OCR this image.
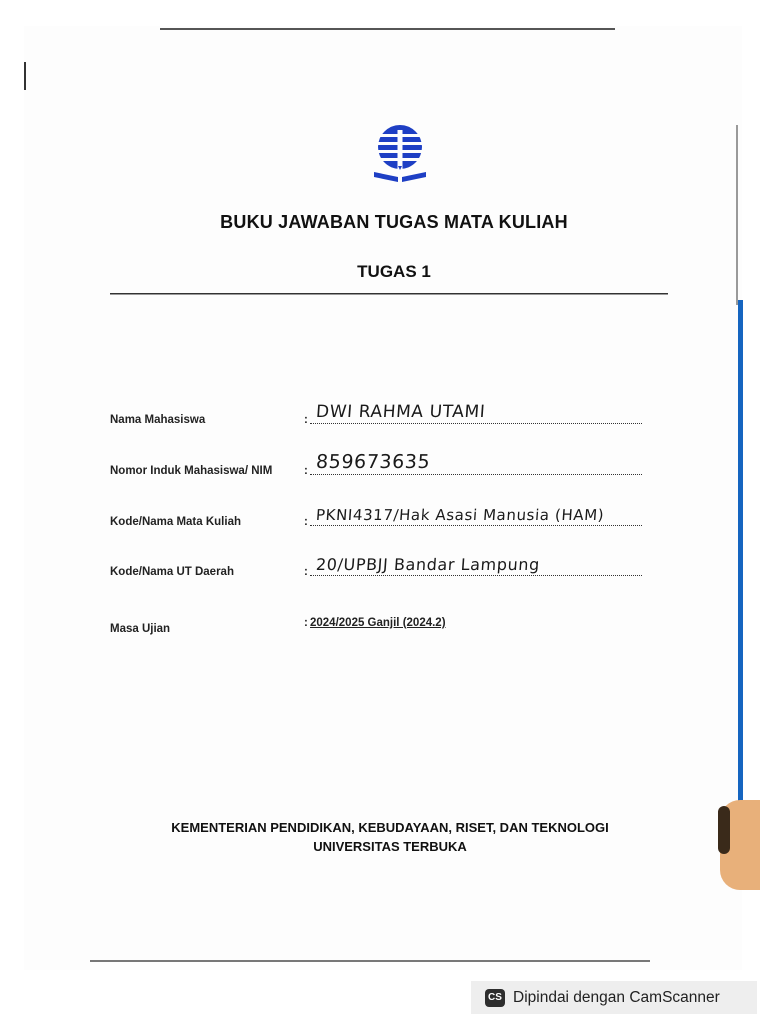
BUKU JAWABAN TUGAS MATA KULIAH
TUGAS 1
Nama Mahasiswa	: DWI RAHMA UTAMI
Nomor Induk Mahasiswa/ NIM	: 859673635
Kode/Nama Mata Kuliah	: PKNI4317/Hak Asasi Manusia (HAM)
Kode/Nama UT Daerah	: 20/UPBJJ Bandar Lampung
Masa Ujian	: 2024/2025 Ganjil (2024.2)

KEMENTERIAN PENDIDIKAN, KEBUDAYAAN, RISET, DAN TEKNOLOGI

UNIVERSITAS TERBUKA

CS Dipindai dengan CamScanner
